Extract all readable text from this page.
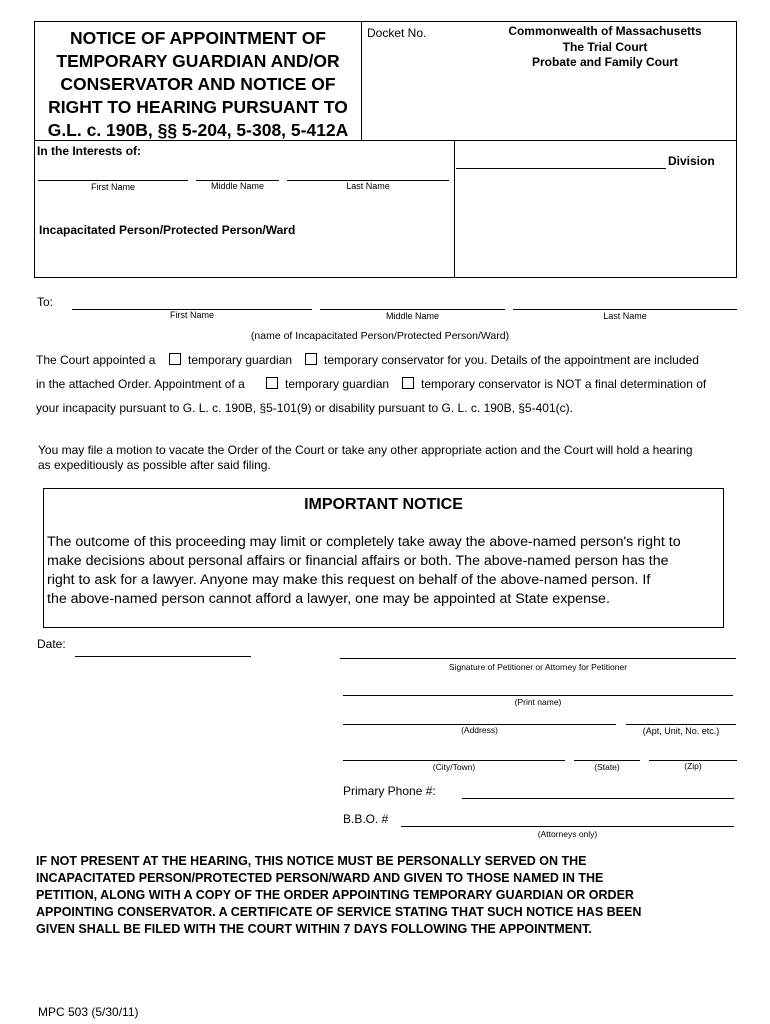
NOTICE OF APPOINTMENT OF
TEMPORARY GUARDIAN AND/OR
CONSERVATOR AND NOTICE OF
RIGHT TO HEARING PURSUANT TO
G.L. c. 190B, §§ 5-204, 5-308, 5-412A
Docket No.	Commonwealth of Massachusetts
The Trial Court
Probate and Family Court
In the Interests of:
First Name	Middle Name	Last Name
Division
Incapacitated Person/Protected Person/Ward
To:
First Name	Middle Name	Last Name
(name of Incapacitated Person/Protected Person/Ward)
The Court appointed a	temporary guardian	temporary conservator for you. Details of the appointment are included
in the attached Order. Appointment of a	temporary guardian	temporary conservator is NOT a final determination of
your incapacity pursuant to G. L. c. 190B, §5-101(9) or disability pursuant to G. L. c. 190B, §5-401(c).
You may file a motion to vacate the Order of the Court or take any other appropriate action and the Court will hold a hearing
as expeditiously as possible after said filing.
IMPORTANT NOTICE
The outcome of this proceeding may limit or completely take away the above-named person's right to
make decisions about personal affairs or financial affairs or both. The above-named person has the
right to ask for a lawyer. Anyone may make this request on behalf of the above-named person. If
the above-named person cannot afford a lawyer, one may be appointed at State expense.
Date:
Signature of Petitioner or Attorney for Petitioner
(Print name)
(Address)	(Apt, Unit, No. etc.)
(City/Town)	(State)	(Zip)
Primary Phone #:
B.B.O. #
(Attorneys only)
IF NOT PRESENT AT THE HEARING, THIS NOTICE MUST BE PERSONALLY SERVED ON THE
INCAPACITATED PERSON/PROTECTED PERSON/WARD AND GIVEN TO THOSE NAMED IN THE
PETITION, ALONG WITH A COPY OF THE ORDER APPOINTING TEMPORARY GUARDIAN OR ORDER
APPOINTING CONSERVATOR. A CERTIFICATE OF SERVICE STATING THAT SUCH NOTICE HAS BEEN
GIVEN SHALL BE FILED WITH THE COURT WITHIN 7 DAYS FOLLOWING THE APPOINTMENT.
MPC 503 (5/30/11)
